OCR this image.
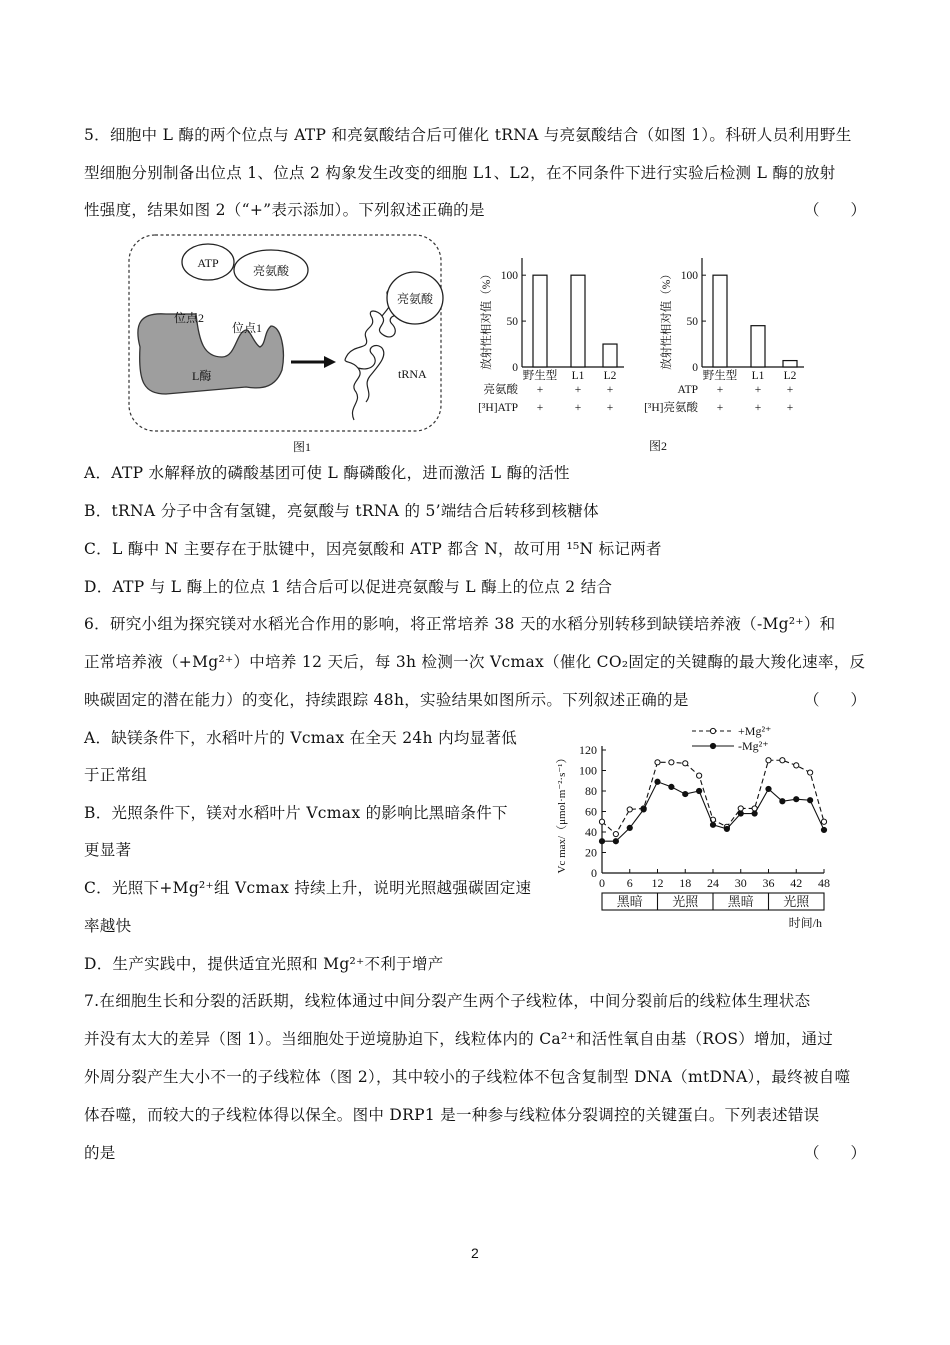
5．细胞中 L 酶的两个位点与 ATP 和亮氨酸结合后可催化 tRNA 与亮氨酸结合（如图 1）。科研人员利用野生
型细胞分别制备出位点 1、位点 2 构象发生改变的细胞 L1、L2，在不同条件下进行实验后检测 L 酶的放射
性强度，结果如图 2（“+”表示添加）。下列叙述正确的是	（　　）
ATP
亮氨酸
位点2
位点1
L酶
亮氨酸
tRNA
图1
放射性相对值（%） 0
50
100
野生型 L1 L2
亮氨酸 +	+ +
[³H]ATP +	+ +
放射性相对值（%） 0
50
100
野生型 L1 L2
ATP +	+ +
[³H]亮氨酸 +	+ +
图2
A．ATP 水解释放的磷酸基团可使 L 酶磷酸化，进而激活 L 酶的活性
B．tRNA 分子中含有氢键，亮氨酸与 tRNA 的 5’端结合后转移到核糖体
C．L 酶中 N 主要存在于肽键中，因亮氨酸和 ATP 都含 N，故可用 ¹⁵N 标记两者
D．ATP 与 L 酶上的位点 1 结合后可以促进亮氨酸与 L 酶上的位点 2 结合
6．研究小组为探究镁对水稻光合作用的影响，将正常培养 38 天的水稻分别转移到缺镁培养液（-Mg²⁺）和
正常培养液（+Mg²⁺）中培养 12 天后，每 3h 检测一次 Vcmax（催化 CO₂固定的关键酶的最大羧化速率，反
映碳固定的潜在能力）的变化，持续跟踪 48h，实验结果如图所示。下列叙述正确的是	（　　）
A．缺镁条件下，水稻叶片的 Vcmax 在全天 24h 内均显著低
于正常组
B．光照条件下，镁对水稻叶片 Vcmax 的影响比黑暗条件下
更显著
C．光照下+Mg²⁺组 Vcmax 持续上升，说明光照越强碳固定速
率越快
D．生产实践中，提供适宜光照和 Mg²⁺不利于增产
Vc max/（μmol·m⁻²·s⁻¹） 0
20
40
60
80
100
120
0 6 12 18 24 30 36 42 48
+Mg²⁺
-Mg²⁺
黑暗 光照 黑暗 光照
时间/h
7.在细胞生长和分裂的活跃期，线粒体通过中间分裂产生两个子线粒体，中间分裂前后的线粒体生理状态
并没有太大的差异（图 1）。当细胞处于逆境胁迫下，线粒体内的 Ca²⁺和活性氧自由基（ROS）增加，通过
外周分裂产生大小不一的子线粒体（图 2），其中较小的子线粒体不包含复制型 DNA（mtDNA），最终被自噬
体吞噬，而较大的子线粒体得以保全。图中 DRP1 是一种参与线粒体分裂调控的关键蛋白。下列表述错误
的是	（　　）
2
